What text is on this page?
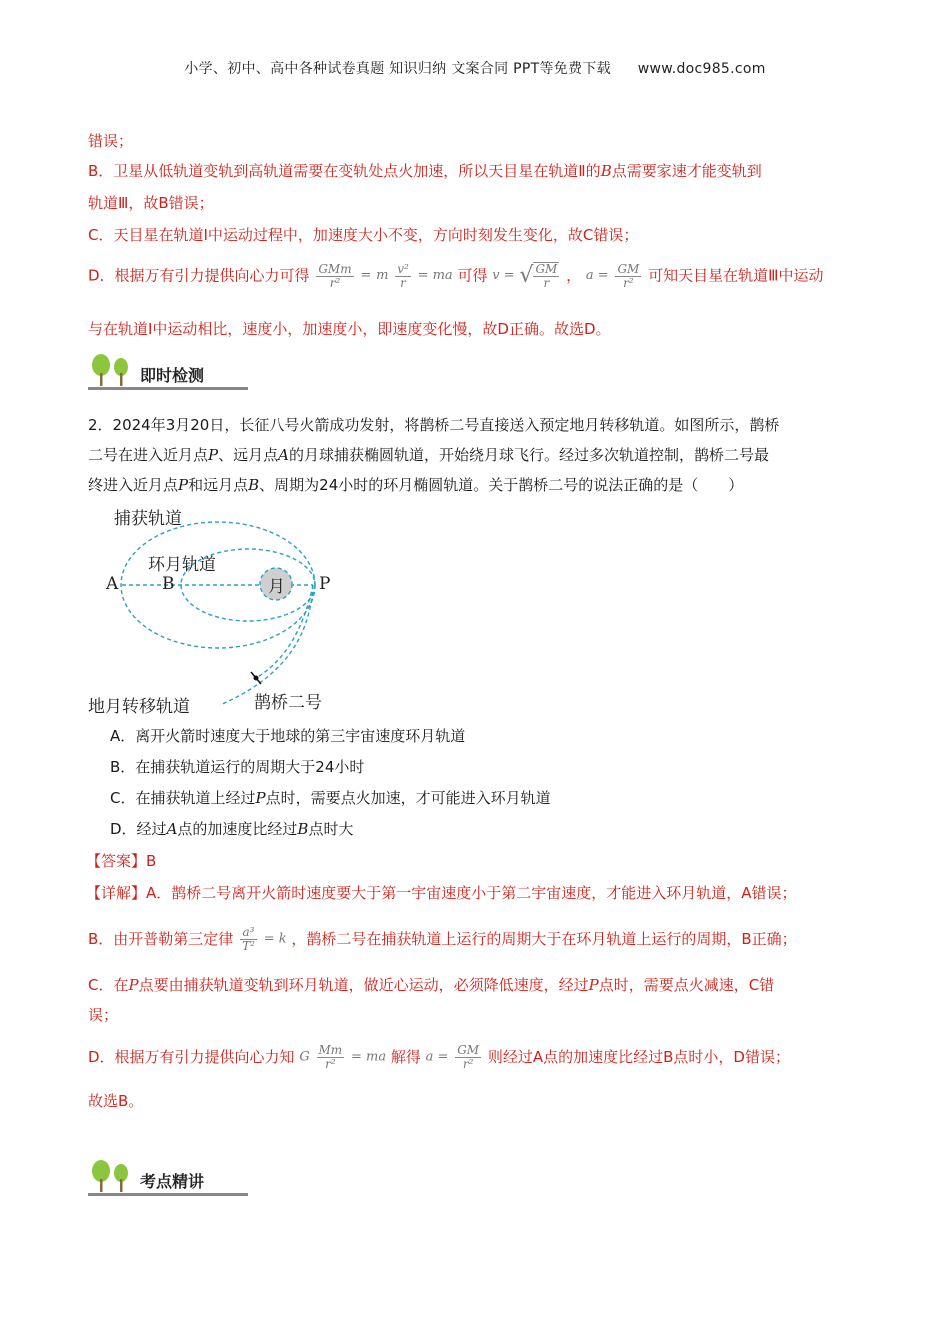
小学、初中、高中各种试卷真题 知识归纳 文案合同 PPT等免费下载 www.doc985.com
错误；
B．卫星从低轨道变轨到高轨道需要在变轨处点火加速，所以天目星在轨道Ⅱ的B点需要家速才能变轨到
轨道Ⅲ，故B错误；
C．天目星在轨道Ⅰ中运动过程中，加速度大小不变，方向时刻发生变化，故C错误；
D．根据万有引力提供向心力可得 $\frac{\text{GMm}}{\text{r²}} = m \frac{\text{v²}}{r}$ = ma 可得 v = √ $\frac{GM}{r}$ ， $a = \frac{GM}{\text{r²}}$ 可知天目星在轨道Ⅲ中运动
与在轨道Ⅰ中运动相比，速度小，加速度小，即速度变化慢，故D正确。故选D。
即时检测
2．2024年3月20日，长征八号火箭成功发射，将鹊桥二号直接送入预定地月转移轨道。如图所示，鹊桥
二号在进入近月点P、远月点A的月球捕获椭圆轨道，开始绕月球飞行。经过多次轨道控制，鹊桥二号最
终进入近月点P和远月点B、周期为24小时的环月椭圆轨道。关于鹊桥二号的说法正确的是（　　）
捕获轨道
环月轨道
A	B	月 P
地月转移轨道	鹊桥二号
A．离开火箭时速度大于地球的第三宇宙速度环月轨道
B．在捕获轨道运行的周期大于24小时
C．在捕获轨道上经过P点时，需要点火加速，才可能进入环月轨道
D．经过A点的加速度比经过B点时大
【答案】B
【详解】A．鹊桥二号离开火箭时速度要大于第一宇宙速度小于第二宇宙速度，才能进入环月轨道，A错误；
B．由开普勒第三定律 $\frac{\text{a³}}{\text{T²}} = k$ ，鹊桥二号在捕获轨道上运行的周期大于在环月轨道上运行的周期，B正确；
C．在P点要由捕获轨道变轨到环月轨道，做近心运动，必须降低速度，经过P点时，需要点火减速，C错
误；
D．根据万有引力提供向心力知 G $\frac{Mm}{\text{r²}}$ = ma 解得 $a = \frac{GM}{\text{r²}}$ 则经过A点的加速度比经过B点时小，D错误；
故选B。
考点精讲
